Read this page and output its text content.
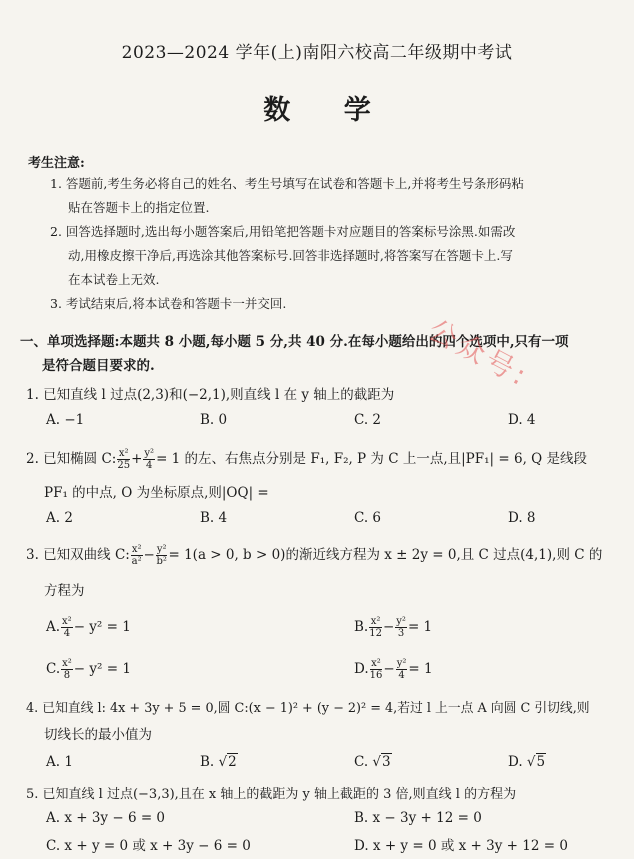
2023—2024 学年(上)南阳六校高二年级期中考试
数 学
考生注意:
1. 答题前,考生务必将自己的姓名、考生号填写在试卷和答题卡上,并将考生号条形码粘
贴在答题卡上的指定位置.
2. 回答选择题时,选出每小题答案后,用铅笔把答题卡对应题目的答案标号涂黑.如需改
动,用橡皮擦干净后,再选涂其他答案标号.回答非选择题时,将答案写在答题卡上.写
在本试卷上无效.
3. 考试结束后,将本试卷和答题卡一并交回.
一、单项选择题:本题共 8 小题,每小题 5 分,共 40 分.在每小题给出的四个选项中,只有一项
是符合题目要求的.	公众号:
1. 已知直线 l 过点(2,3)和(−2,1),则直线 l 在 y 轴上的截距为
A. −1	B. 0	C. 2	D. 4
2. 已知椭圆 C: $\frac{\text{x²}}{25} + \frac{\text{y²}}{4} = 1$ 的左、右焦点分别是 F₁, F₂, P 为 C 上一点,且|PF₁| = 6, Q 是线段
PF₁ 的中点, O 为坐标原点,则|OQ| =
A. 2	B. 4	C. 6	D. 8
3. 已知双曲线 C: $\frac{\text{x²}}{\text{a²}} - \frac{\text{y²}}{\text{b²}} = 1(a > 0$, b > 0)的渐近线方程为 x ± 2y = 0,且 C 过点(4,1),则 C 的
方程为
A. $\frac{\text{x²}}{4} - y^2 = 1$	B. $\frac{\text{x²}}{12} - \frac{\text{y²}}{3} = 1$
C. $\frac{\text{x²}}{8} - y^2 = 1$	D. $\frac{\text{x²}}{16} - \frac{\text{y²}}{4} = 1$
4. 已知直线 l: 4x + 3y + 5 = 0,圆 C:(x − 1)² + (y − 2)² = 4,若过 l 上一点 A 向圆 C 引切线,则
切线长的最小值为
A. 1	B. √2	C. √3	D. √5
5. 已知直线 l 过点(−3,3),且在 x 轴上的截距为 y 轴上截距的 3 倍,则直线 l 的方程为
A. x + 3y − 6 = 0	B. x − 3y + 12 = 0
C. x + y = 0 或 x + 3y − 6 = 0	D. x + y = 0 或 x + 3y + 12 = 0
